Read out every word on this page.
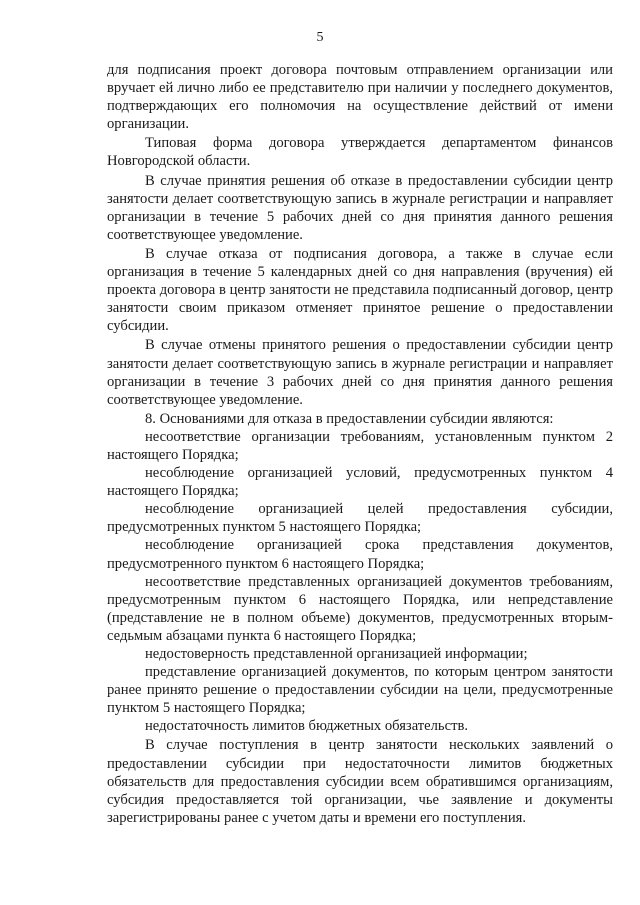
5

для подписания проект договора почтовым отправлением организации или вручает ей лично либо ее представителю при наличии у последнего документов, подтверждающих его полномочия на осуществление действий от имени организации.

Типовая форма договора утверждается департаментом финансов Новгородской области.

В случае принятия решения об отказе в предоставлении субсидии центр занятости делает соответствующую запись в журнале регистрации и направляет организации в течение 5 рабочих дней со дня принятия данного решения соответствующее уведомление.

В случае отказа от подписания договора, а также в случае если организация в течение 5 календарных дней со дня направления (вручения) ей проекта договора в центр занятости не представила подписанный договор, центр занятости своим приказом отменяет принятое решение о предоставлении субсидии.

В случае отмены принятого решения о предоставлении субсидии центр занятости делает соответствующую запись в журнале регистрации и направляет организации в течение 3 рабочих дней со дня принятия данного решения соответствующее уведомление.

8. Основаниями для отказа в предоставлении субсидии являются:

несоответствие организации требованиям, установленным пунктом 2 настоящего Порядка;

несоблюдение организацией условий, предусмотренных пунктом 4 настоящего Порядка;

несоблюдение организацией целей предоставления субсидии, предусмотренных пунктом 5 настоящего Порядка;

несоблюдение организацией срока представления документов, предусмотренного пунктом 6 настоящего Порядка;

несоответствие представленных организацией документов требованиям, предусмотренным пунктом 6 настоящего Порядка, или непредставление (представление не в полном объеме) документов, предусмотренных вторым-седьмым абзацами пункта 6 настоящего Порядка;

недостоверность представленной организацией информации;

представление организацией документов, по которым центром занятости ранее принято решение о предоставлении субсидии на цели, предусмотренные пунктом 5 настоящего Порядка;

недостаточность лимитов бюджетных обязательств.

В случае поступления в центр занятости нескольких заявлений о предоставлении субсидии при недостаточности лимитов бюджетных обязательств для предоставления субсидии всем обратившимся организациям, субсидия предоставляется той организации, чье заявление и документы зарегистрированы ранее с учетом даты и времени его поступления.
